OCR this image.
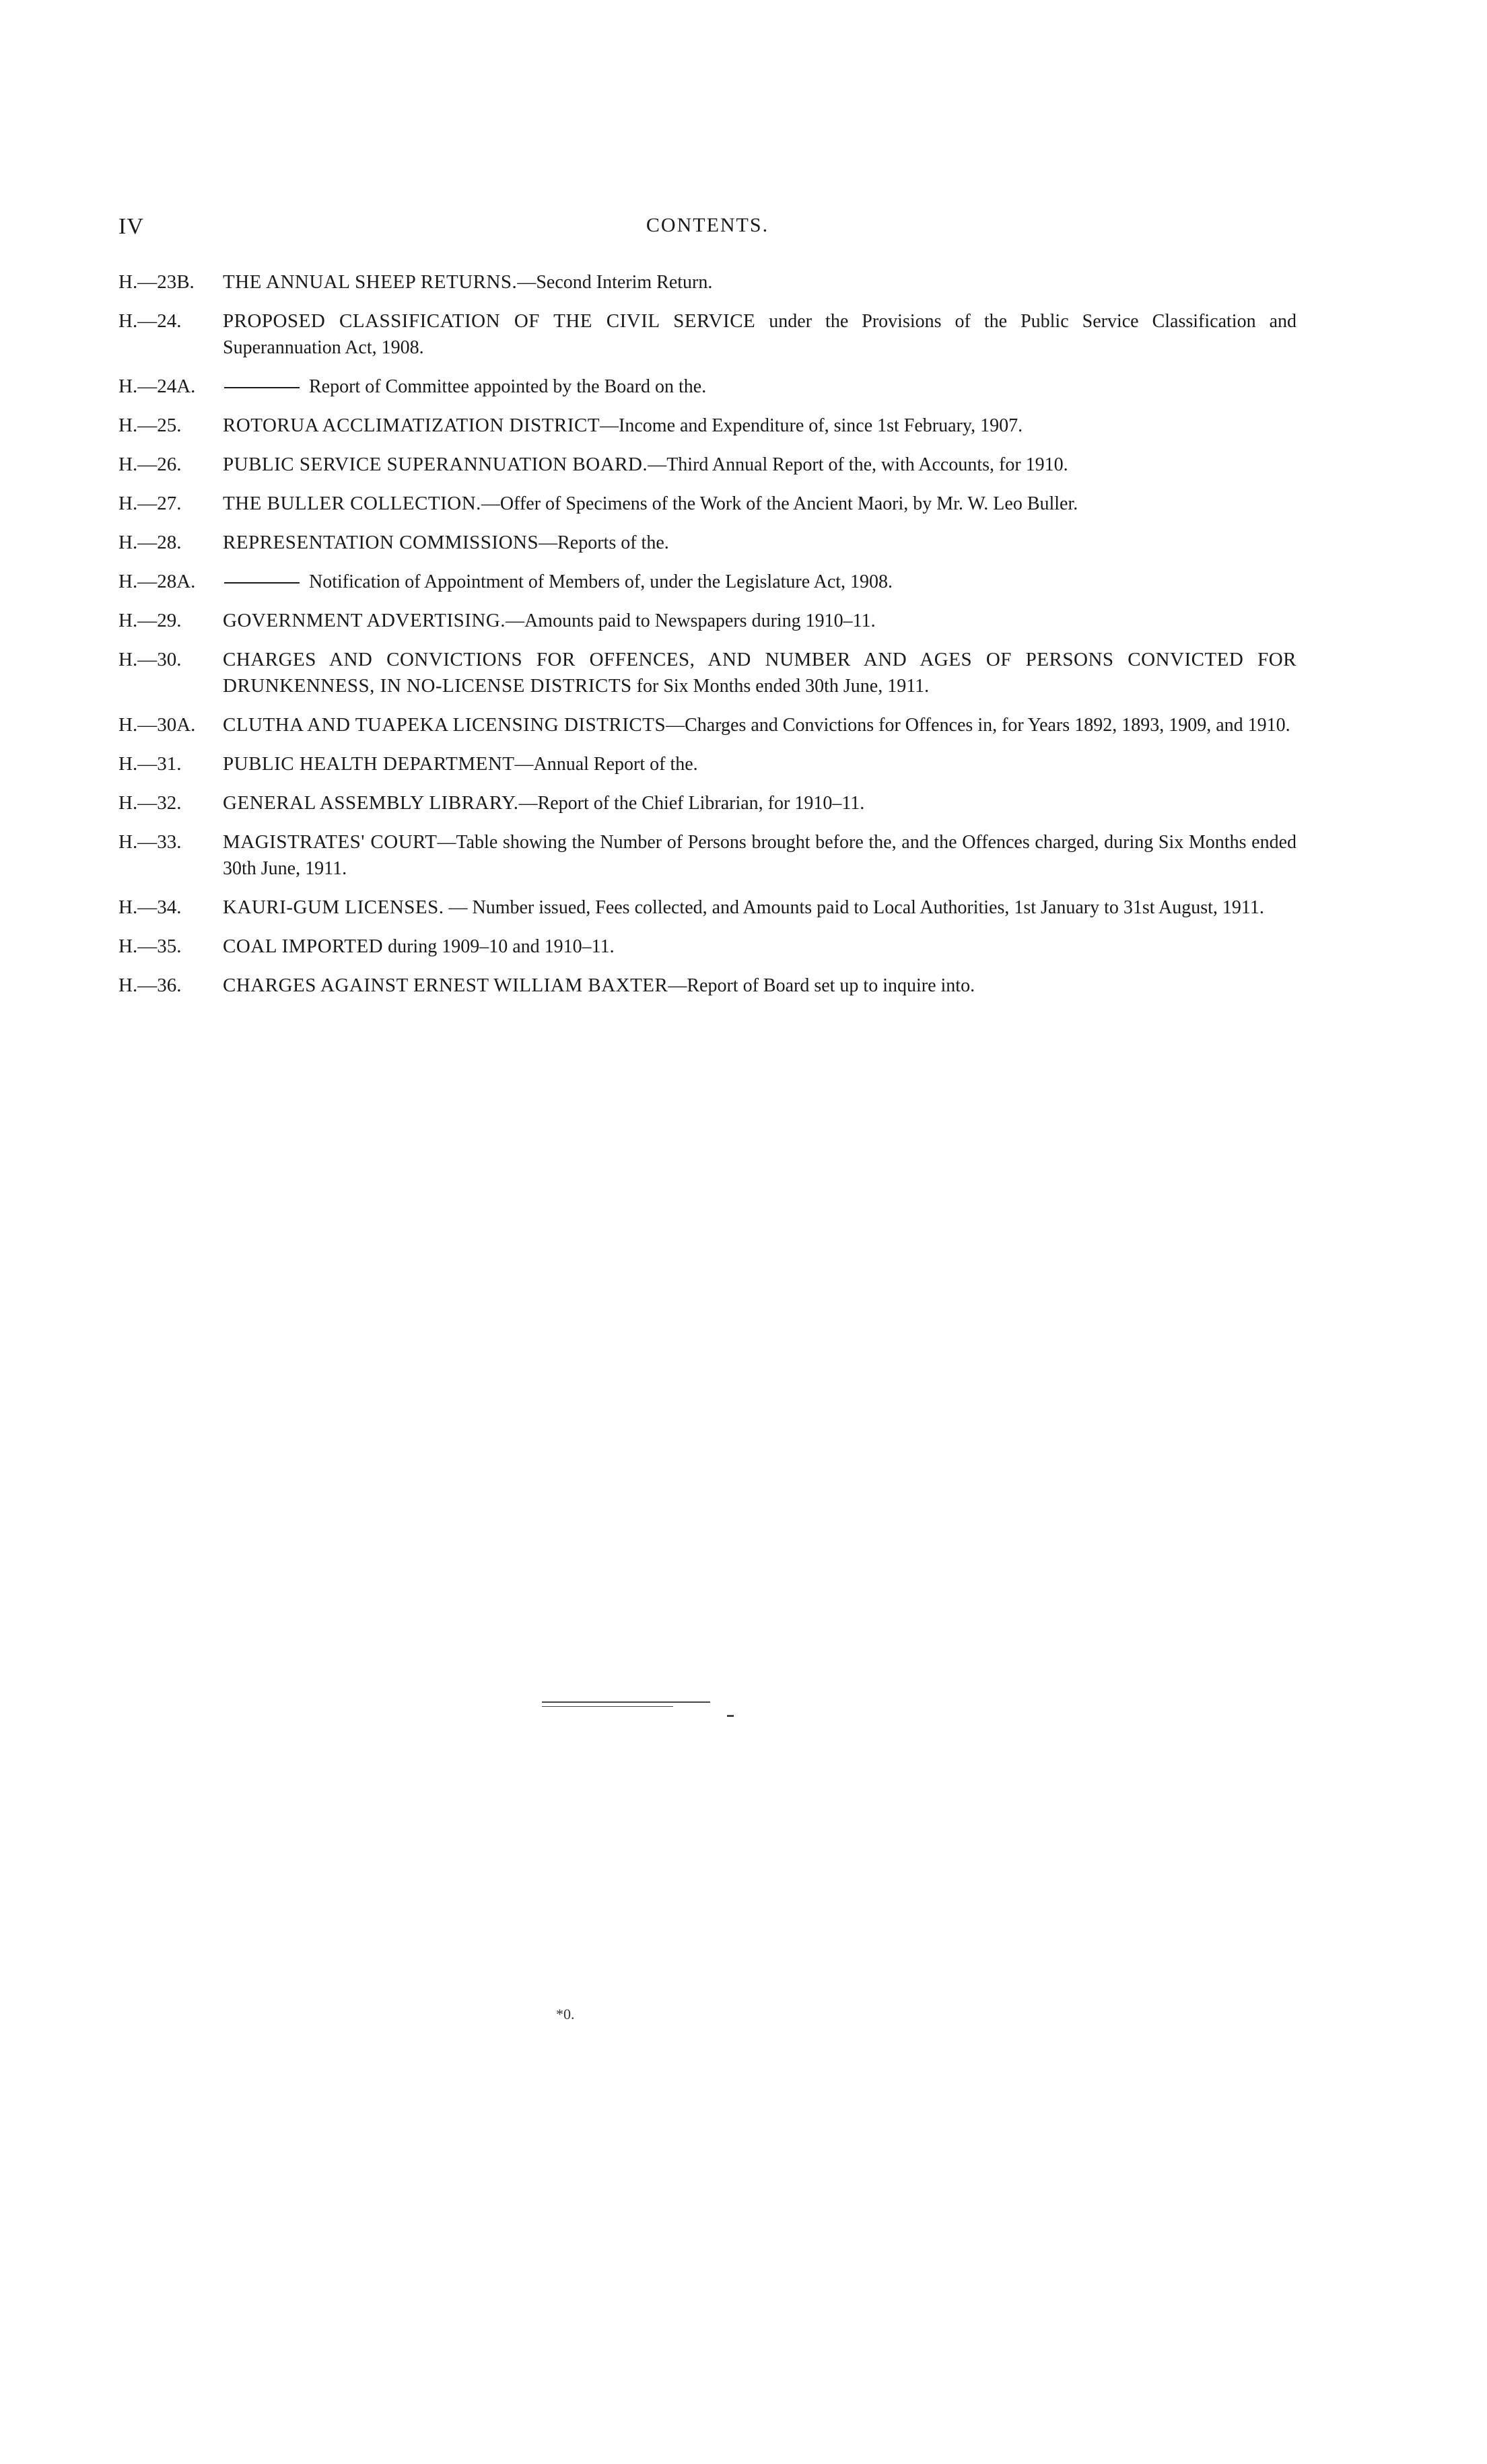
IV	CONTENTS.
H.—23B.	THE ANNUAL SHEEP RETURNS.—Second Interim Return.
H.—24.	PROPOSED CLASSIFICATION OF THE CIVIL SERVICE under the Provisions of the Public Service Classification and Superannuation Act, 1908.
H.—24A.	Report of Committee appointed by the Board on the.
H.—25.	ROTORUA ACCLIMATIZATION DISTRICT—Income and Expenditure of, since 1st February, 1907.
H.—26.	PUBLIC SERVICE SUPERANNUATION BOARD.—Third Annual Report of the, with Accounts, for 1910.
H.—27.	THE BULLER COLLECTION.—Offer of Specimens of the Work of the Ancient Maori, by Mr. W. Leo Buller.
H.—28.	REPRESENTATION COMMISSIONS—Reports of the.
H.—28A.	Notification of Appointment of Members of, under the Legislature Act, 1908.
H.—29.	GOVERNMENT ADVERTISING.—Amounts paid to Newspapers during 1910–11.
H.—30.	CHARGES AND CONVICTIONS FOR OFFENCES, AND NUMBER AND AGES OF PERSONS CONVICTED FOR DRUNKENNESS, IN NO-LICENSE DISTRICTS for Six Months ended 30th June, 1911.
H.—30A.	CLUTHA AND TUAPEKA LICENSING DISTRICTS—Charges and Convictions for Offences in, for Years 1892, 1893, 1909, and 1910.
H.—31.	PUBLIC HEALTH DEPARTMENT—Annual Report of the.
H.—32.	GENERAL ASSEMBLY LIBRARY.—Report of the Chief Librarian, for 1910–11.
H.—33.	MAGISTRATES' COURT—Table showing the Number of Persons brought before the, and the Offences charged, during Six Months ended 30th June, 1911.
H.—34.	KAURI-GUM LICENSES. — Number issued, Fees collected, and Amounts paid to Local Authorities, 1st January to 31st August, 1911.
H.—35.	COAL IMPORTED during 1909–10 and 1910–11.
H.—36.	CHARGES AGAINST ERNEST WILLIAM BAXTER—Report of Board set up to inquire into.
*0.
